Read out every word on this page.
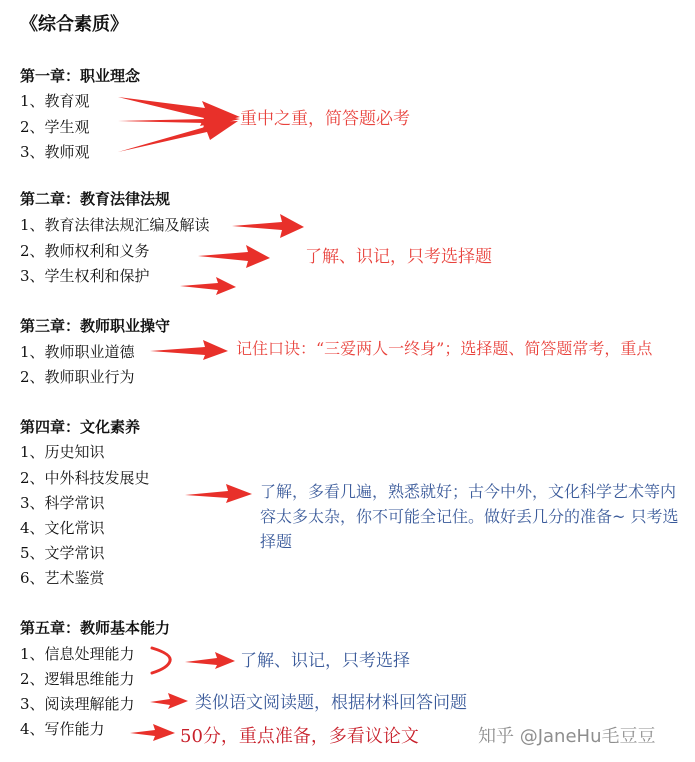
《综合素质》
第一章：职业理念
1、教育观
2、学生观
3、教师观
重中之重，简答题必考
第二章：教育法律法规
1、教育法律法规汇编及解读
2、教师权利和义务
3、学生权利和保护
了解、识记，只考选择题
第三章：教师职业操守
1、教师职业道德
2、教师职业行为
记住口诀：“三爱两人一终身”；选择题、简答题常考，重点
第四章：文化素养
1、历史知识
2、中外科技发展史
3、科学常识
4、文化常识
5、文学常识
6、艺术鉴赏
了解，多看几遍，熟悉就好；古今中外，文化科学艺术等内容太多太杂，你不可能全记住。做好丢几分的准备~ 只考选择题
第五章：教师基本能力
1、信息处理能力
2、逻辑思维能力
3、阅读理解能力
4、写作能力
了解、识记，只考选择
类似语文阅读题，根据材料回答问题
50分，重点准备，多看议论文	知乎 @JaneHu毛豆豆
